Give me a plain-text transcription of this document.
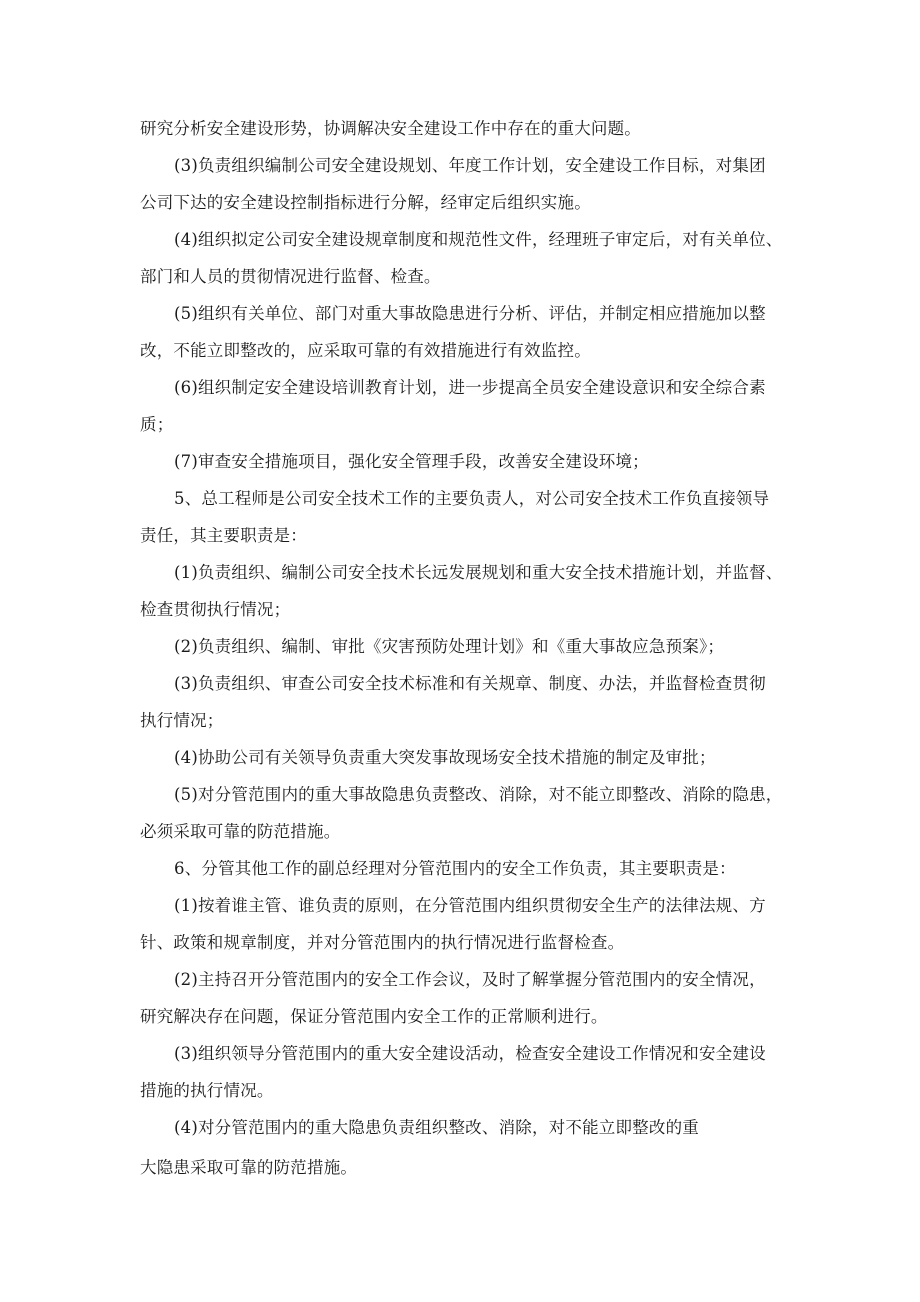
研究分析安全建设形势，协调解决安全建设工作中存在的重大问题。
(3)负责组织编制公司安全建设规划、年度工作计划，安全建设工作目标，对集团
公司下达的安全建设控制指标进行分解，经审定后组织实施。
(4)组织拟定公司安全建设规章制度和规范性文件，经理班子审定后，对有关单位、
部门和人员的贯彻情况进行监督、检查。
(5)组织有关单位、部门对重大事故隐患进行分析、评估，并制定相应措施加以整
改，不能立即整改的，应采取可靠的有效措施进行有效监控。
(6)组织制定安全建设培训教育计划，进一步提高全员安全建设意识和安全综合素
质；
(7)审查安全措施项目，强化安全管理手段，改善安全建设环境；
5、总工程师是公司安全技术工作的主要负责人，对公司安全技术工作负直接领导
责任，其主要职责是：
(1)负责组织、编制公司安全技术长远发展规划和重大安全技术措施计划，并监督、
检查贯彻执行情况；
(2)负责组织、编制、审批《灾害预防处理计划》和《重大事故应急预案》；
(3)负责组织、审查公司安全技术标准和有关规章、制度、办法，并监督检查贯彻
执行情况；
(4)协助公司有关领导负责重大突发事故现场安全技术措施的制定及审批；
(5)对分管范围内的重大事故隐患负责整改、消除，对不能立即整改、消除的隐患，
必须采取可靠的防范措施。
6、分管其他工作的副总经理对分管范围内的安全工作负责，其主要职责是：
(1)按着谁主管、谁负责的原则，在分管范围内组织贯彻安全生产的法律法规、方
针、政策和规章制度，并对分管范围内的执行情况进行监督检查。
(2)主持召开分管范围内的安全工作会议，及时了解掌握分管范围内的安全情况，
研究解决存在问题，保证分管范围内安全工作的正常顺利进行。
(3)组织领导分管范围内的重大安全建设活动，检查安全建设工作情况和安全建设
措施的执行情况。
(4)对分管范围内的重大隐患负责组织整改、消除，对不能立即整改的重
大隐患采取可靠的防范措施。
